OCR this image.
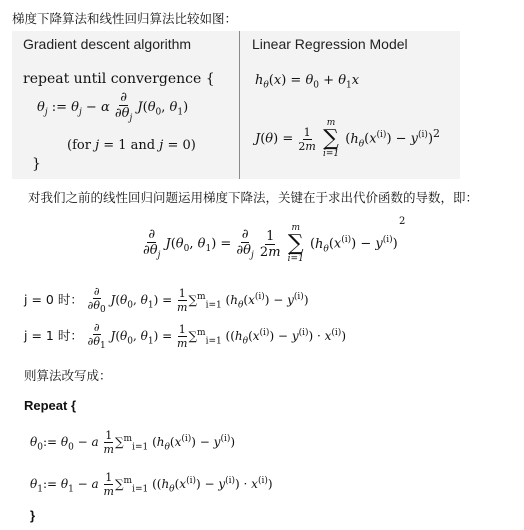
梯度下降算法和线性回归算法比较如图：
Gradient descent algorithm	Linear Regression Model
repeat until convergence {
$\theta_j$ := $\theta_j - \alpha \frac{\partial}{\partial\theta_j} J(\theta_0$, $\theta_1$)
(for j = 1 and j = 0)
}
$h_\theta(x) = \theta_0 + \theta_1x$
$J(\theta) = \frac{1}{2m}$

m
∑
i=1
$(h_\theta(x^{(i)}) - y^{(i)})^2$
对我们之前的线性回归问题运用梯度下降法，关键在于求出代价函数的导数，即：
2
$\frac{\partial}{\partial\theta_j} J(\theta_0$, $\theta_1) = \frac{\partial}{\partial\theta_j}$
$\frac{1}{2m}$

m
∑
i=1
$(h_\theta(x^{(i)}) - y^{(i)})$
j = 0 时： $\frac{\partial}{\partial\theta_0} J(\theta_0$, $\theta_1) = \frac{1}{m} \sum^m_{i=1}$ $(h_\theta(x^{(i)}) - y^{(i)})$
j = 1 时： $\frac{\partial}{\partial\theta_1} J(\theta_0$, $\theta_1) = \frac{1}{m} \sum^m_{i=1}$ $((h_\theta(x^{(i)}) - y^{(i)}) \cdot x^{(i)})$
则算法改写成：
Repeat {
$\theta_0:= \theta_0 - a \frac{1}{m} \sum^m_{i=1}$ $(h_\theta(x^{(i)}) - y^{(i)})$
$\theta_1:= \theta_1 - a \frac{1}{m} \sum^m_{i=1}$ $((h_\theta(x^{(i)}) - y^{(i)}) \cdot x^{(i)})$
}
